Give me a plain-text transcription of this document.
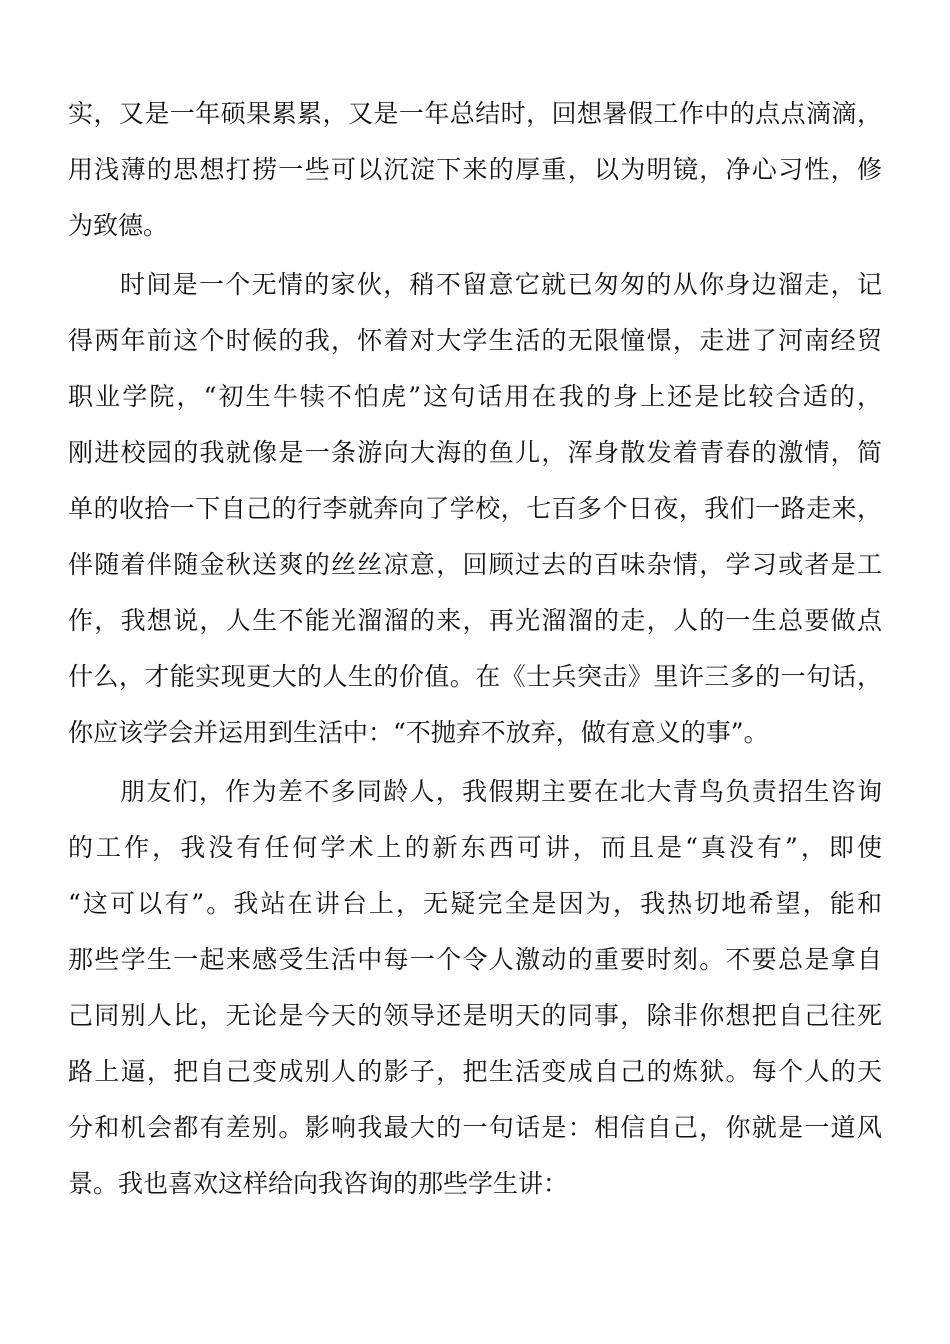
实，又是一年硕果累累，又是一年总结时，回想暑假工作中的点点滴滴，
用浅薄的思想打捞一些可以沉淀下来的厚重，以为明镜，净心习性，修
为致德。
时间是一个无情的家伙，稍不留意它就已匆匆的从你身边溜走，记
得两年前这个时候的我，怀着对大学生活的无限憧憬，走进了河南经贸
职业学院，“初生牛犊不怕虎”这句话用在我的身上还是比较合适的，
刚进校园的我就像是一条游向大海的鱼儿，浑身散发着青春的激情，简
单的收拾一下自己的行李就奔向了学校，七百多个日夜，我们一路走来，
伴随着伴随金秋送爽的丝丝凉意，回顾过去的百味杂情，学习或者是工
作，我想说，人生不能光溜溜的来，再光溜溜的走，人的一生总要做点
什么，才能实现更大的人生的价值。在《士兵突击》里许三多的一句话，
你应该学会并运用到生活中：“不抛弃不放弃，做有意义的事”。
朋友们，作为差不多同龄人，我假期主要在北大青鸟负责招生咨询
的工作，我没有任何学术上的新东西可讲，而且是“真没有”，即使
“这可以有”。我站在讲台上，无疑完全是因为，我热切地希望，能和
那些学生一起来感受生活中每一个令人激动的重要时刻。不要总是拿自
己同别人比，无论是今天的领导还是明天的同事，除非你想把自己往死
路上逼，把自己变成别人的影子，把生活变成自己的炼狱。每个人的天
分和机会都有差别。影响我最大的一句话是：相信自己，你就是一道风
景。我也喜欢这样给向我咨询的那些学生讲：
